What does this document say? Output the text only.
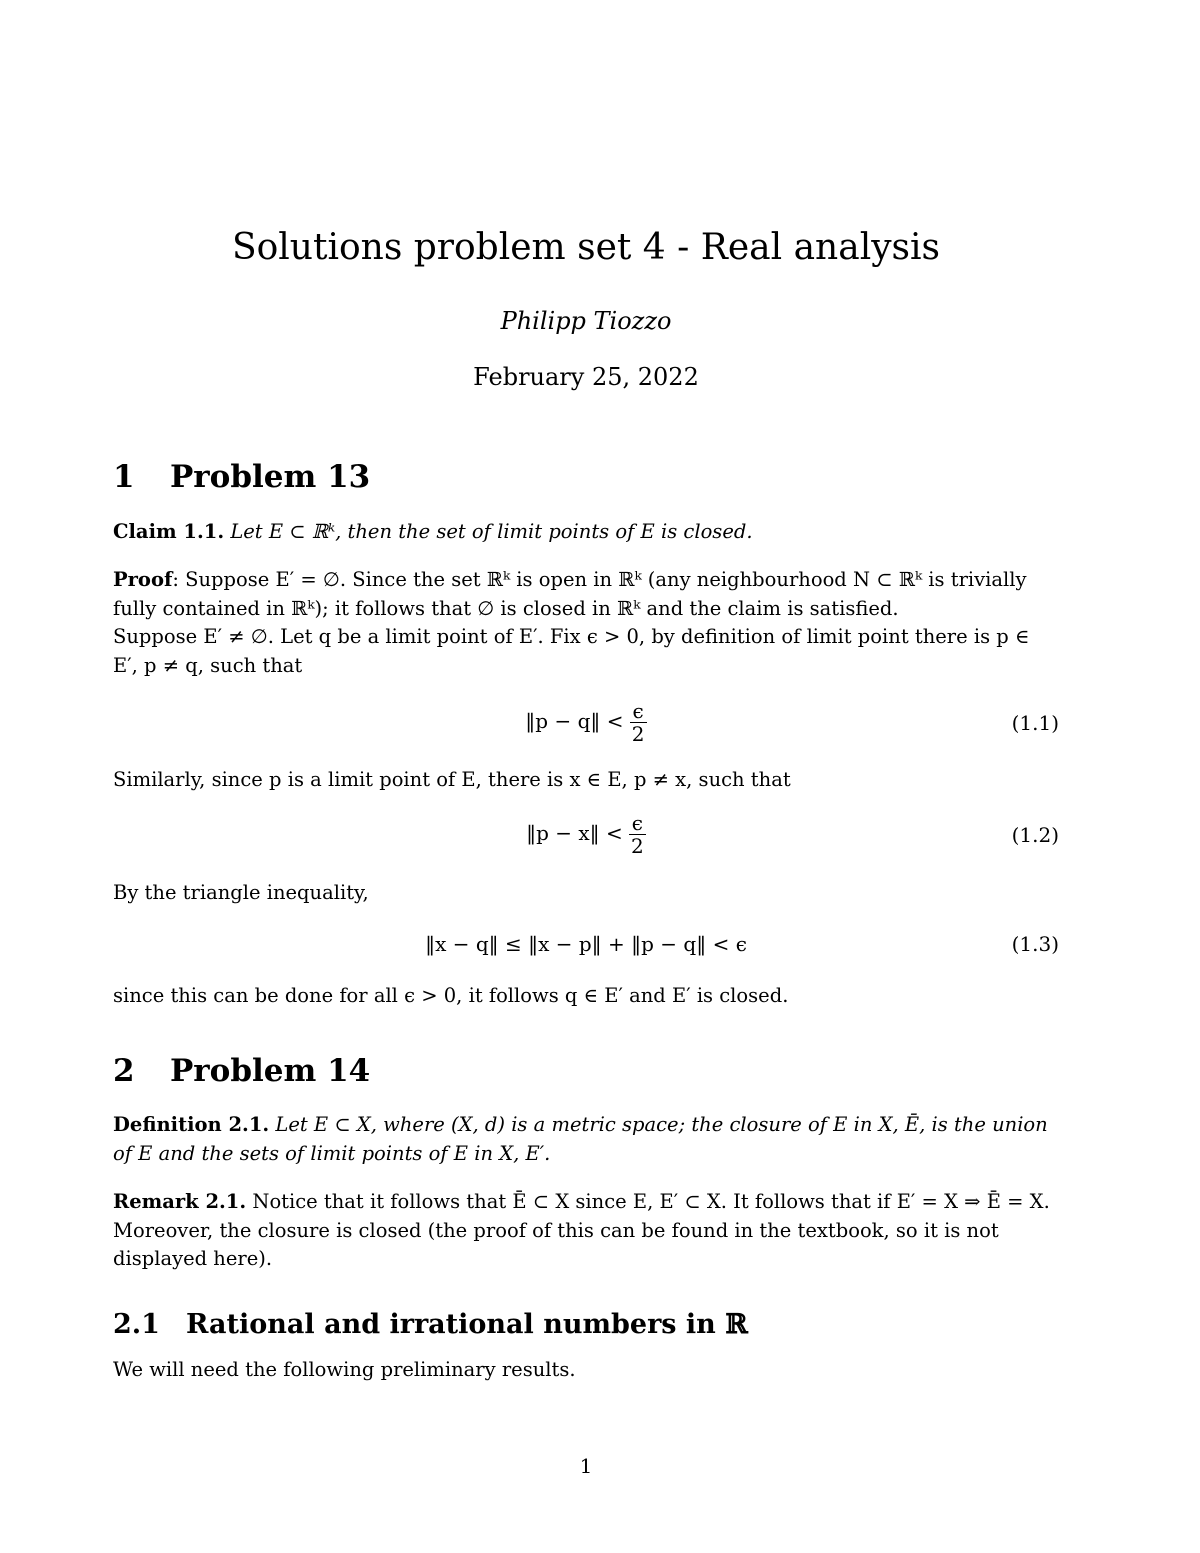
Solutions problem set 4 - Real analysis
Philipp Tiozzo
February 25, 2022
1 Problem 13
Claim 1.1. Let E ⊂ ℝᵏ, then the set of limit points of E is closed.
Proof: Suppose E′ = ∅. Since the set ℝᵏ is open in ℝᵏ (any neighbourhood N ⊂ ℝᵏ is trivially fully contained in ℝᵏ); it follows that ∅ is closed in ℝᵏ and the claim is satisfied.
Suppose E′ ≠ ∅. Let q be a limit point of E′. Fix ϵ > 0, by definition of limit point there is p ∈ E′, p ≠ q, such that
‖p − q‖ < $\frac{\epsilon}{2}$	(1.1)
Similarly, since p is a limit point of E, there is x ∈ E, p ≠ x, such that
‖p − x‖ < $\frac{\epsilon}{2}$	(1.2)
By the triangle inequality,
‖x − q‖ ≤ ‖x − p‖ + ‖p − q‖ < ϵ	(1.3)
since this can be done for all ϵ > 0, it follows q ∈ E′ and E′ is closed.
2 Problem 14
Definition 2.1. Let E ⊂ X, where (X, d) is a metric space; the closure of E in X, Ē, is the union of E and the sets of limit points of E in X, E′.
Remark 2.1. Notice that it follows that Ē ⊂ X since E, E′ ⊂ X. It follows that if E′ = X ⇒ Ē = X. Moreover, the closure is closed (the proof of this can be found in the textbook, so it is not displayed here).
2.1 Rational and irrational numbers in ℝ
We will need the following preliminary results.
1
